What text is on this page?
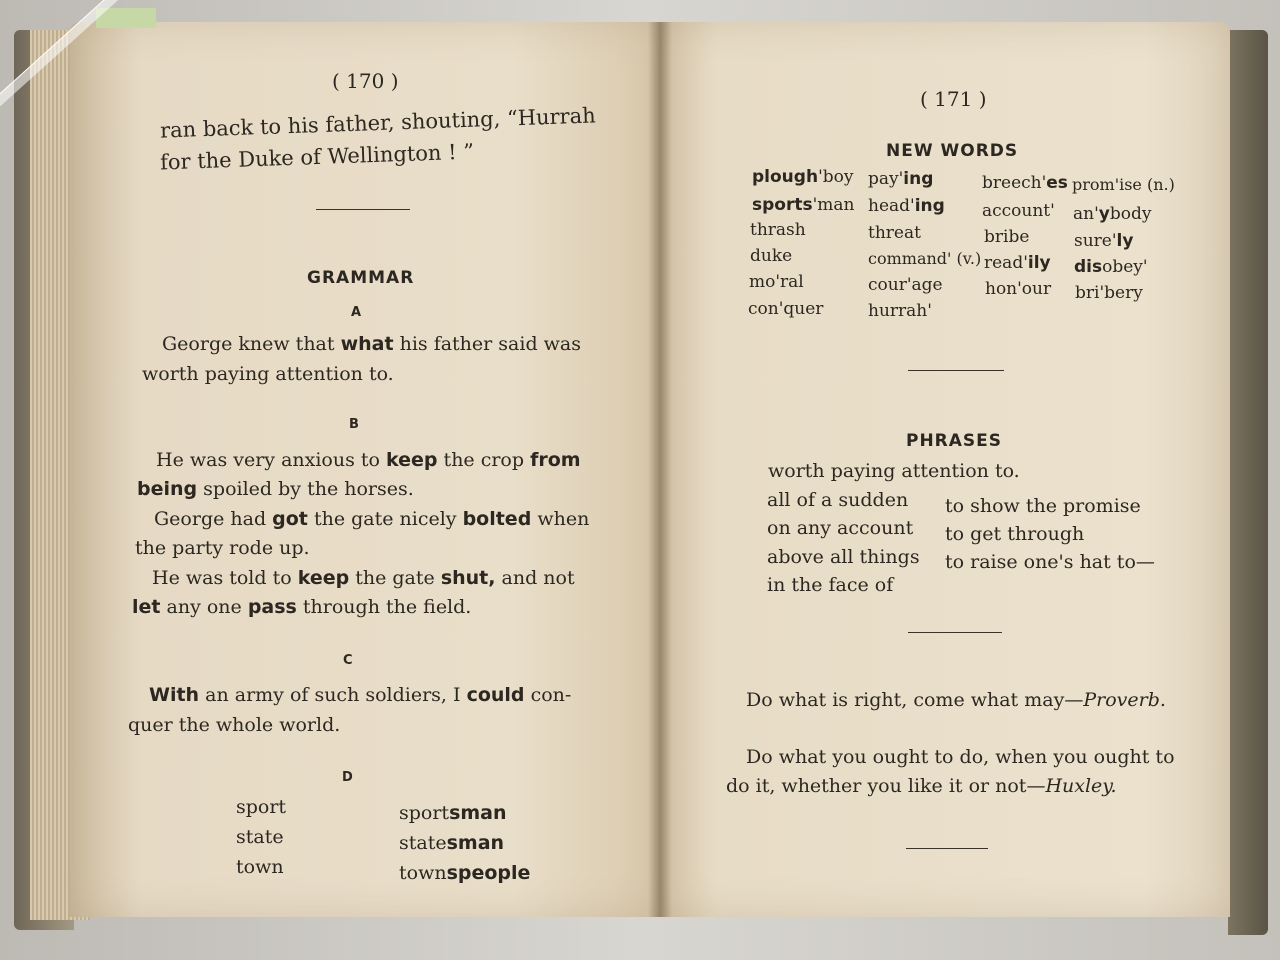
( 170 )
ran back to his father, shouting, “Hurrah
for the Duke of Wellington ! ”
GRAMMAR
A
George knew that what his father said was
worth paying attention to.
B
He was very anxious to keep the crop from
being spoiled by the horses.
George had got the gate nicely bolted when
the party rode up.
He was told to keep the gate shut, and not
let any one pass through the field.
C
With an army of such soldiers, I could con-
quer the whole world.
D
sport
state
town
sportsman
statesman
townspeople
( 171 )
NEW WORDS
plough'boy
sports'man
thrash
duke
mo'ral
con'quer
pay'ing
head'ing
threat
command' (v.)
cour'age
hurrah'
breech'es
account'
bribe
read'ily
hon'our
prom'ise (n.)
an'ybody
sure'ly
disobey'
bri'bery
PHRASES
worth paying attention to.
all of a sudden
on any account
above all things
in the face of
to show the promise
to get through
to raise one's hat to—
Do what is right, come what may—Proverb.
Do what you ought to do, when you ought to
do it, whether you like it or not—Huxley.
